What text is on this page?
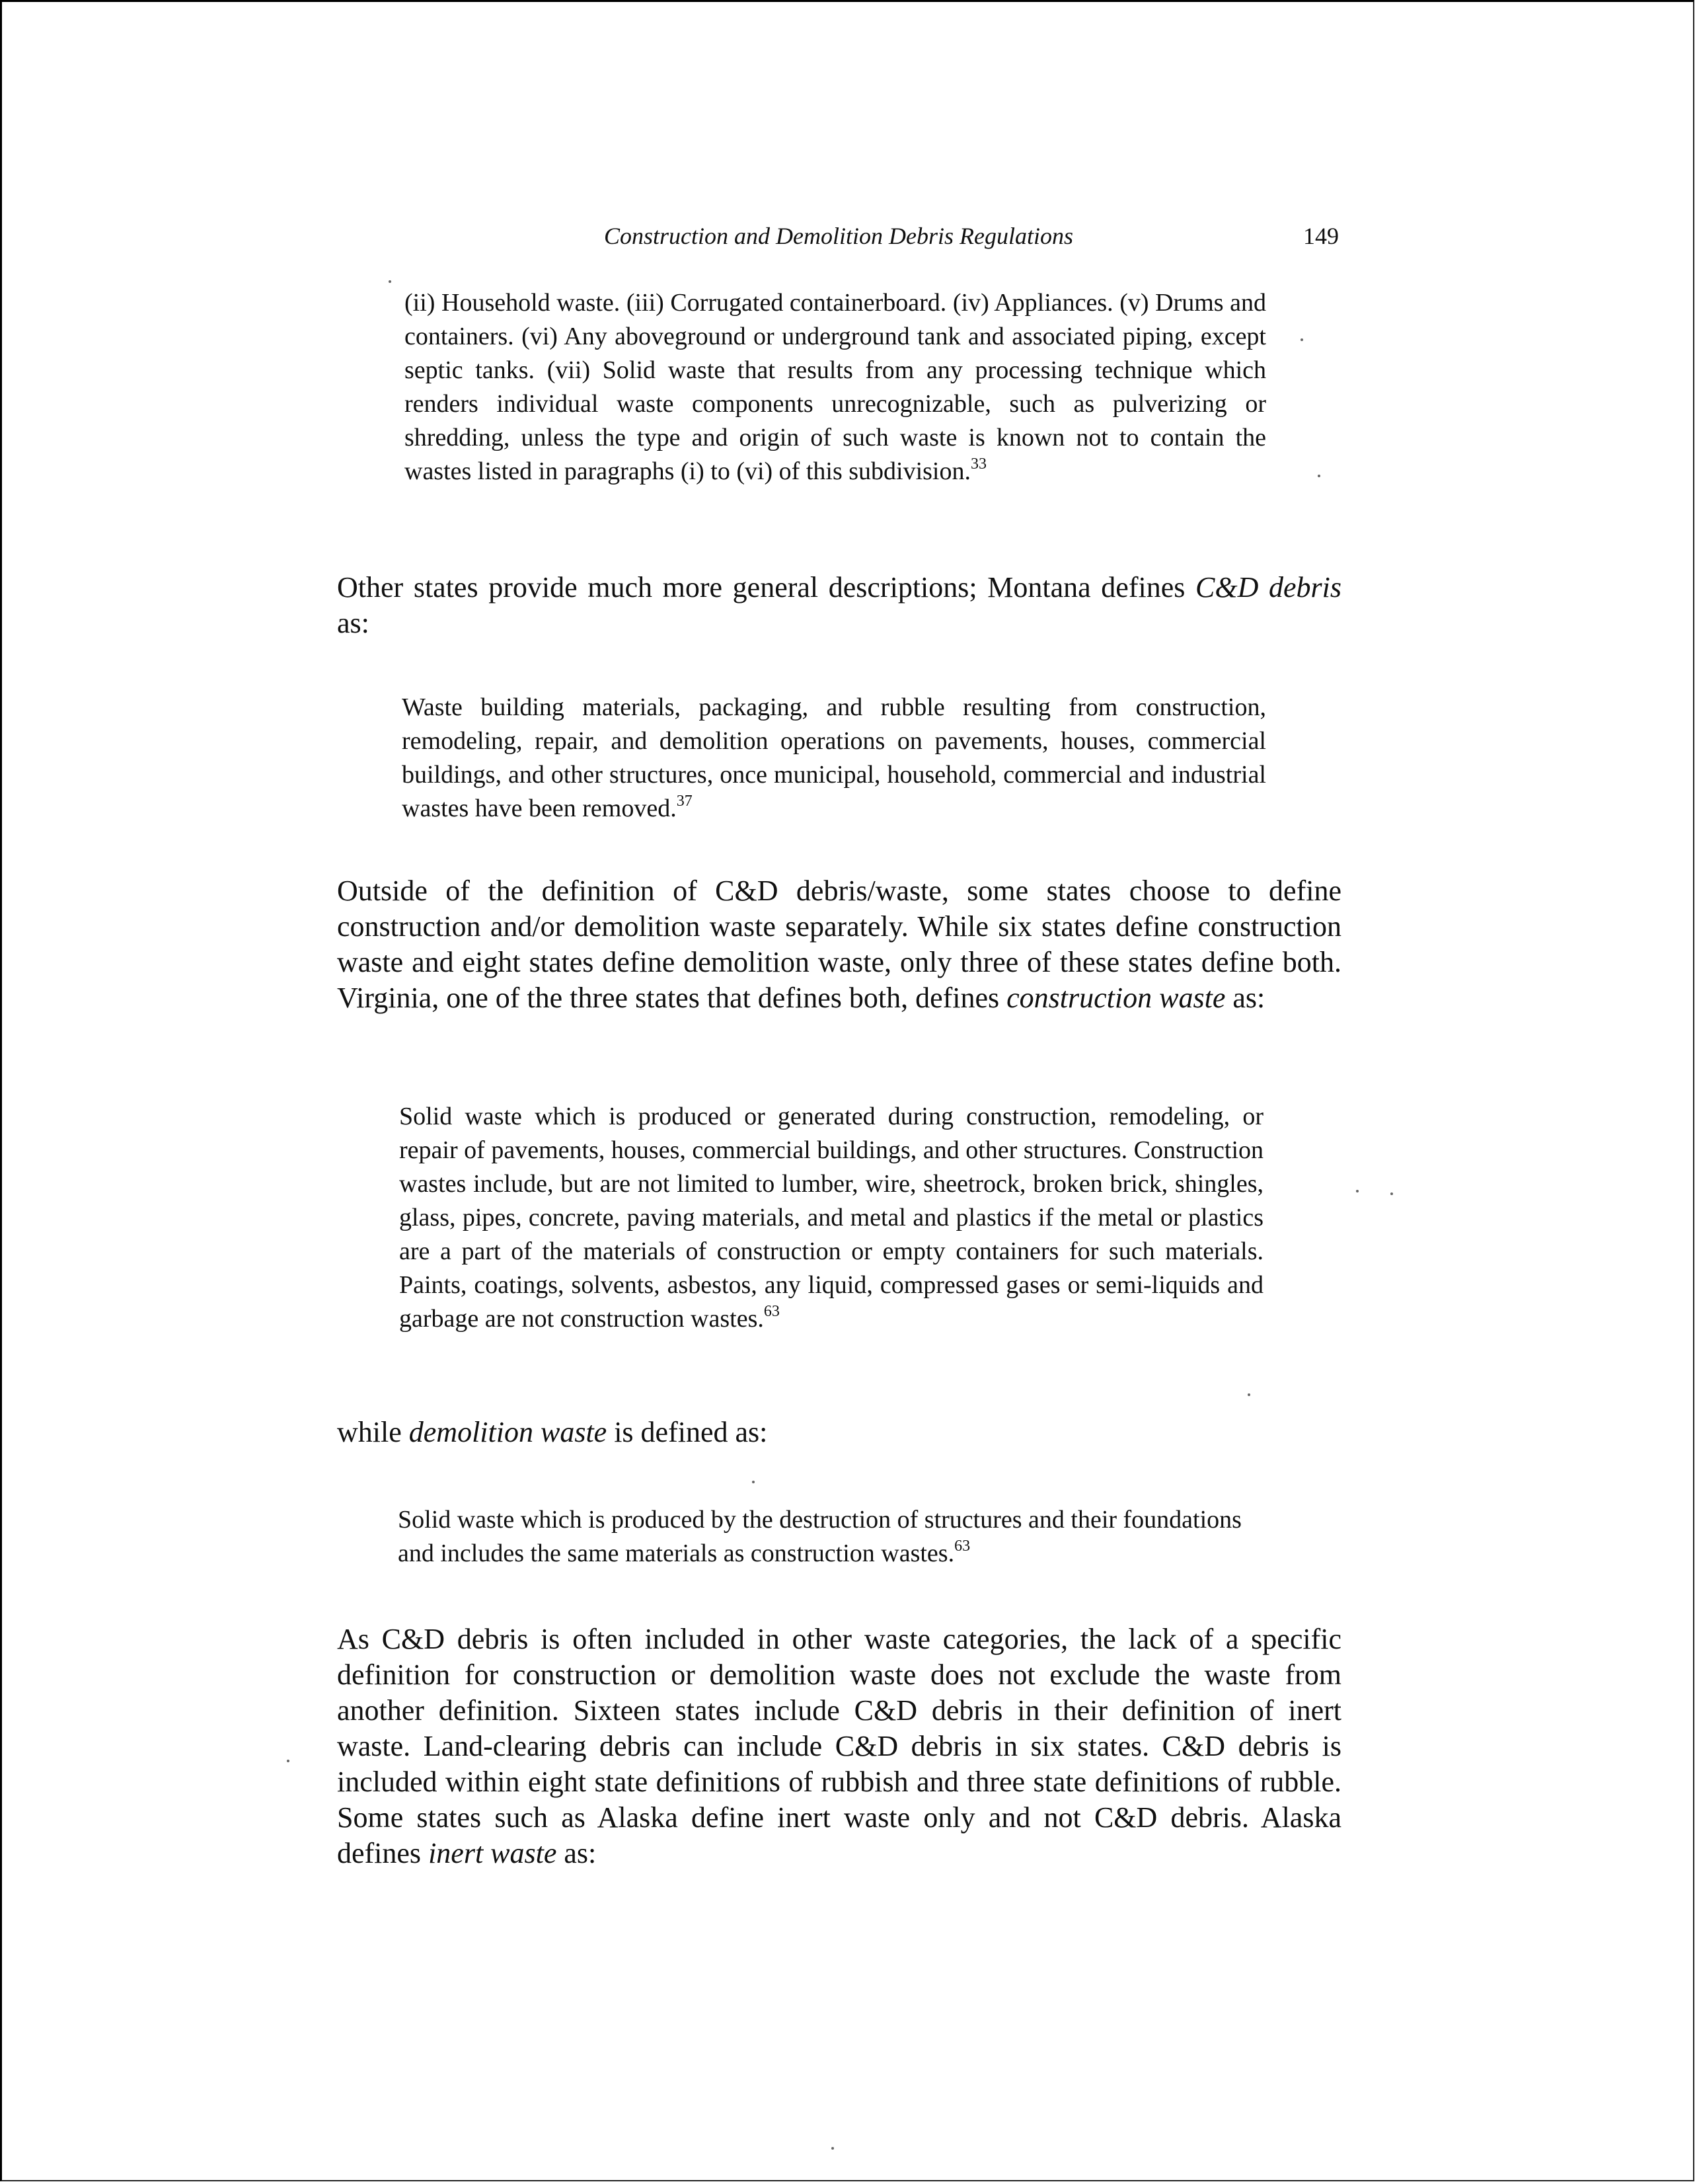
Construction and Demolition Debris Regulations	149

(ii) Household waste. (iii) Corrugated containerboard. (iv) Appliances. (v) Drums and containers. (vi) Any aboveground or underground tank and associated piping, except septic tanks. (vii) Solid waste that results from any processing technique which renders individual waste components unrecognizable, such as pulverizing or shredding, unless the type and origin of such waste is known not to contain the wastes listed in paragraphs (i) to (vi) of this subdivision.$^{33}$

Other states provide much more general descriptions; Montana defines C&D debris as:

Waste building materials, packaging, and rubble resulting from construction, remodeling, repair, and demolition operations on pavements, houses, commercial buildings, and other structures, once municipal, household, commercial and industrial wastes have been removed.$^{37}$

Outside of the definition of C&D debris/waste, some states choose to define construction and/or demolition waste separately. While six states define construction waste and eight states define demolition waste, only three of these states define both. Virginia, one of the three states that defines both, defines construction waste as:

Solid waste which is produced or generated during construction, remodeling, or repair of pavements, houses, commercial buildings, and other structures. Construction wastes include, but are not limited to lumber, wire, sheetrock, broken brick, shingles, glass, pipes, concrete, paving materials, and metal and plastics if the metal or plastics are a part of the materials of construction or empty containers for such materials. Paints, coatings, solvents, asbestos, any liquid, compressed gases or semi-liquids and garbage are not construction wastes.$^{63}$

while demolition waste is defined as:

Solid waste which is produced by the destruction of structures and their foundations and includes the same materials as construction wastes.$^{63}$

As C&D debris is often included in other waste categories, the lack of a specific definition for construction or demolition waste does not exclude the waste from another definition. Sixteen states include C&D debris in their definition of inert waste. Land-clearing debris can include C&D debris in six states. C&D debris is included within eight state definitions of rubbish and three state definitions of rubble. Some states such as Alaska define inert waste only and not C&D debris. Alaska defines inert waste as:
